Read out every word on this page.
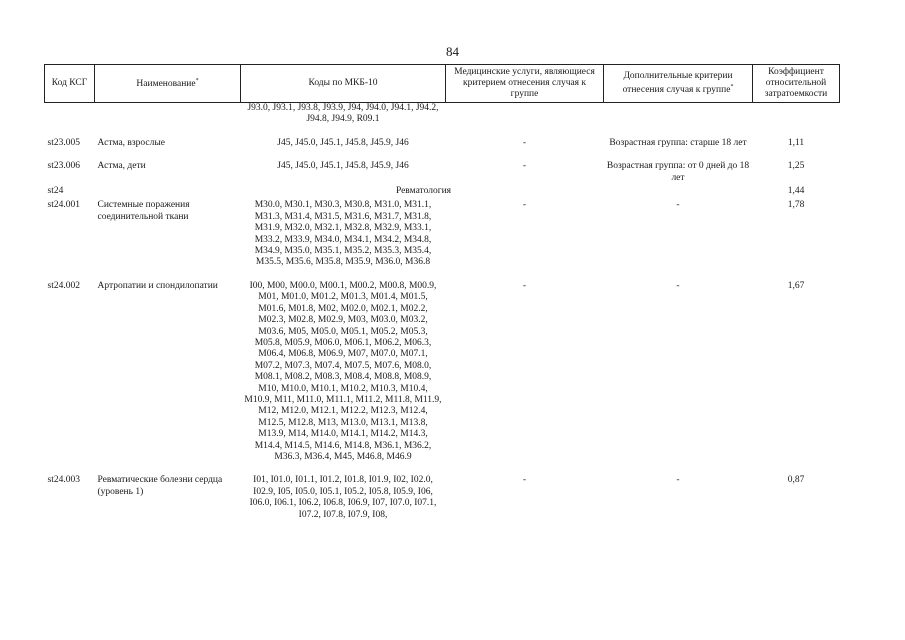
84
Код КСГ	Наименование*	Коды по МКБ-10	Медицинские услуги, являющиеся критерием отнесения случая к группе	Дополнительные критерии отнесения случая к группе*	Коэффициент относительной затратоемкости
		J93.0, J93.1, J93.8, J93.9, J94, J94.0, J94.1, J94.2, J94.8, J94.9, R09.1			

st23.005	Астма, взрослые	J45, J45.0, J45.1, J45.8, J45.9, J46	-	Возрастная группа: старше 18 лет	1,11

st23.006	Астма, дети	J45, J45.0, J45.1, J45.8, J45.9, J46	-	Возрастная группа: от 0 дней до 18 лет	1,25
st24	Ревматология				1,44
st24.001	Системные поражения соединительной ткани	M30.0, M30.1, M30.3, M30.8, M31.0, M31.1, M31.3, M31.4, M31.5, M31.6, M31.7, M31.8, M31.9, M32.0, M32.1, M32.8, M32.9, M33.1, M33.2, M33.9, M34.0, M34.1, M34.2, M34.8, M34.9, M35.0, M35.1, M35.2, M35.3, M35.4, M35.5, M35.6, M35.8, M35.9, M36.0, M36.8	-	-	1,78

st24.002	Артропатии и спондилопатии	I00, M00, M00.0, M00.1, M00.2, M00.8, M00.9, M01, M01.0, M01.2, M01.3, M01.4, M01.5, M01.6, M01.8, M02, M02.0, M02.1, M02.2, M02.3, M02.8, M02.9, M03, M03.0, M03.2, M03.6, M05, M05.0, M05.1, M05.2, M05.3, M05.8, M05.9, M06.0, M06.1, M06.2, M06.3, M06.4, M06.8, M06.9, M07, M07.0, M07.1, M07.2, M07.3, M07.4, M07.5, M07.6, M08.0, M08.1, M08.2, M08.3, M08.4, M08.8, M08.9, M10, M10.0, M10.1, M10.2, M10.3, M10.4, M10.9, M11, M11.0, M11.1, M11.2, M11.8, M11.9, M12, M12.0, M12.1, M12.2, M12.3, M12.4, M12.5, M12.8, M13, M13.0, M13.1, M13.8, M13.9, M14, M14.0, M14.1, M14.2, M14.3, M14.4, M14.5, M14.6, M14.8, M36.1, M36.2, M36.3, M36.4, M45, M46.8, M46.9	-	-	1,67

st24.003	Ревматические болезни сердца (уровень 1)	I01, I01.0, I01.1, I01.2, I01.8, I01.9, I02, I02.0, I02.9, I05, I05.0, I05.1, I05.2, I05.8, I05.9, I06, I06.0, I06.1, I06.2, I06.8, I06.9, I07, I07.0, I07.1, I07.2, I07.8, I07.9, I08,	-	-	0,87
